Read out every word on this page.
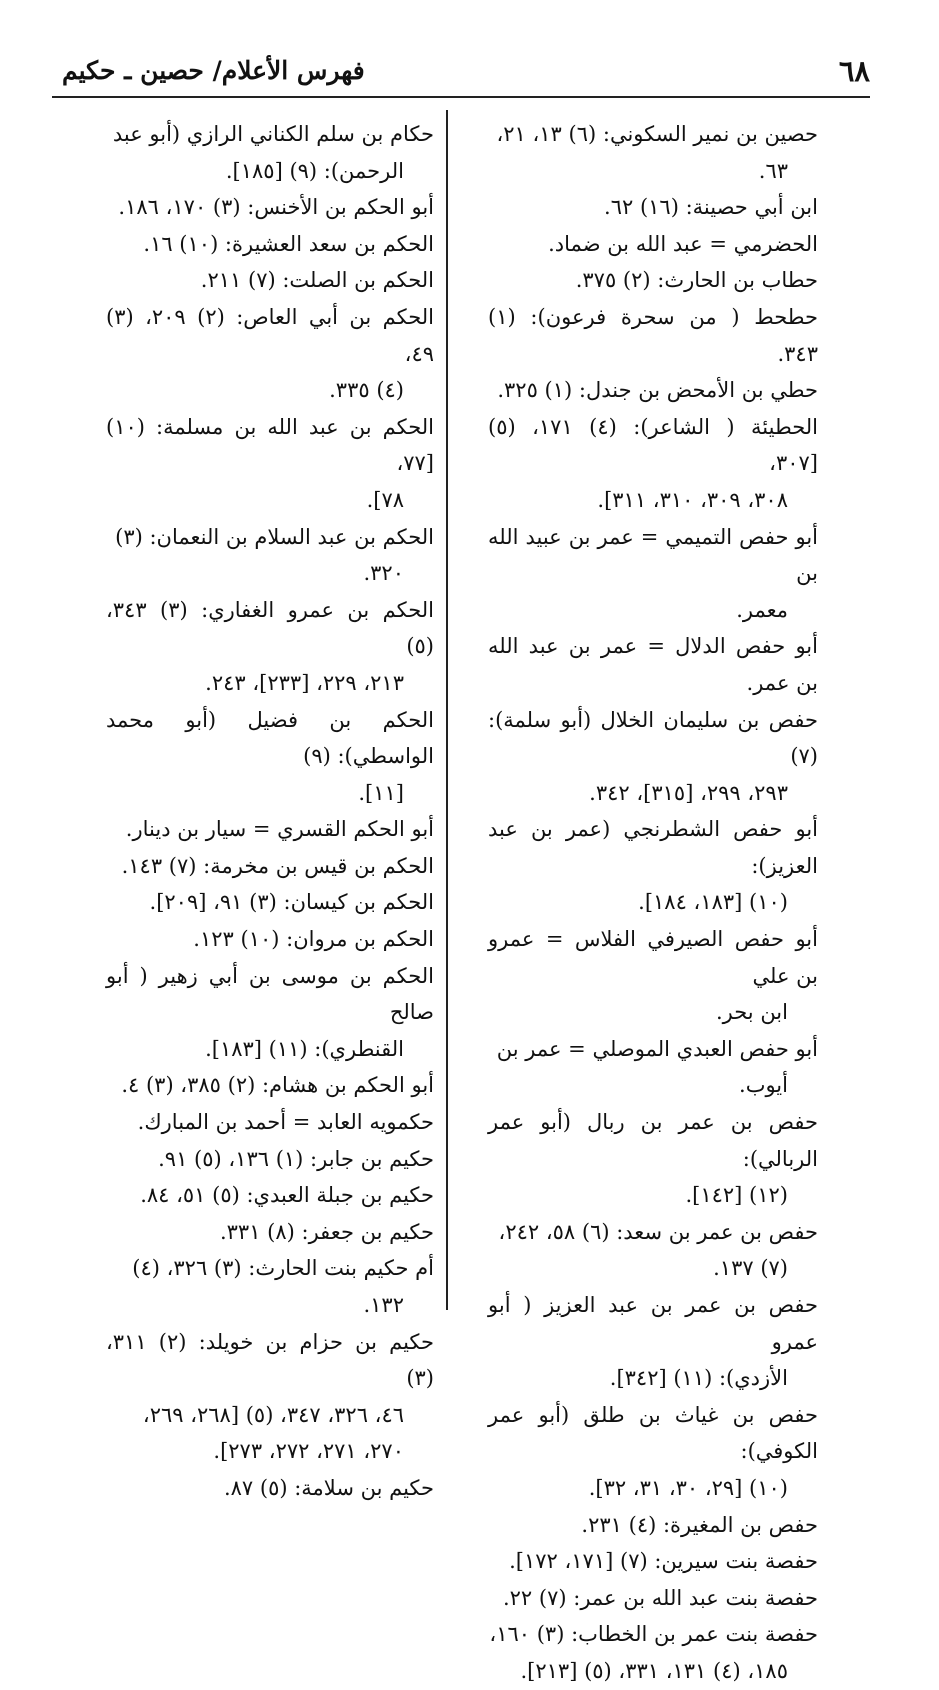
٦٨
فهرس الأعلام/ حصين ـ حكيم
حصين بن نمير السكوني: (٦) ١٣، ٢١،

٦٣.
ابن أبي حصينة: (١٦) ٦٢.
الحضرمي = عبد الله بن ضماد.
حطاب بن الحارث: (٢) ٣٧٥.
حطحط ( من سحرة فرعون): (١) ٣٤٣.
حطي بن الأمحض بن جندل: (١) ٣٢٥.
الحطيئة ( الشاعر): (٤) ١٧١، (٥) [٣٠٧،

٣٠٨، ٣٠٩، ٣١٠، ٣١١].
أبو حفص التميمي = عمر بن عبيد الله بن

معمر.
أبو حفص الدلال = عمر بن عبد الله بن عمر.
حفص بن سليمان الخلال (أبو سلمة): (٧)

٢٩٣، ٢٩٩، [٣١٥]، ٣٤٢.
أبو حفص الشطرنجي (عمر بن عبد العزيز):

(١٠) [١٨٣، ١٨٤].
أبو حفص الصيرفي الفلاس = عمرو بن علي

ابن بحر.
أبو حفص العبدي الموصلي = عمر بن

أيوب.
حفص بن عمر بن ربال (أبو عمر الربالي):

(١٢) [١٤٢].
حفص بن عمر بن سعد: (٦) ٥٨، ٢٤٢،

(٧) ١٣٧.
حفص بن عمر بن عبد العزيز ( أبو عمرو

الأزدي): (١١) [٣٤٢].
حفص بن غياث بن طلق (أبو عمر الكوفي):

(١٠) [٢٩، ٣٠، ٣١، ٣٢].
حفص بن المغيرة: (٤) ٢٣١.
حفصة بنت سيرين: (٧) [١٧١، ١٧٢].
حفصة بنت عبد الله بن عمر: (٧) ٢٢.
حفصة بنت عمر بن الخطاب: (٣) ١٦٠،

١٨٥، (٤) ١٣١، ٣٣١، (٥) [٢١٣].
حكام بن سلم الكناني الرازي (أبو عبد

الرحمن): (٩) [١٨٥].
أبو الحكم بن الأخنس: (٣) ١٧٠، ١٨٦.
الحكم بن سعد العشيرة: (١٠) ١٦.
الحكم بن الصلت: (٧) ٢١١.
الحكم بن أبي العاص: (٢) ٢٠٩، (٣) ٤٩،

(٤) ٣٣٥.
الحكم بن عبد الله بن مسلمة: (١٠) [٧٧،

٧٨].
الحكم بن عبد السلام بن النعمان: (٣)

٣٢٠.
الحكم بن عمرو الغفاري: (٣) ٣٤٣، (٥)

٢١٣، ٢٢٩، [٢٣٣]، ٢٤٣.
الحكم بن فضيل (أبو محمد الواسطي): (٩)

[١١].
أبو الحكم القسري = سيار بن دينار.
الحكم بن قيس بن مخرمة: (٧) ١٤٣.
الحكم بن كيسان: (٣) ٩١، [٢٠٩].
الحكم بن مروان: (١٠) ١٢٣.
الحكم بن موسى بن أبي زهير ( أبو صالح

القنطري): (١١) [١٨٣].
أبو الحكم بن هشام: (٢) ٣٨٥، (٣) ٤.
حكمويه العابد = أحمد بن المبارك.
حكيم بن جابر: (١) ١٣٦، (٥) ٩١.
حكيم بن جبلة العبدي: (٥) ٥١، ٨٤.
حكيم بن جعفر: (٨) ٣٣١.
أم حكيم بنت الحارث: (٣) ٣٢٦، (٤)

١٣٢.
حكيم بن حزام بن خويلد: (٢) ٣١١، (٣)

٤٦، ٣٢٦، ٣٤٧، (٥) [٢٦٨، ٢٦٩،
٢٧٠، ٢٧١، ٢٧٢، ٢٧٣].
حكيم بن سلامة: (٥) ٨٧.
